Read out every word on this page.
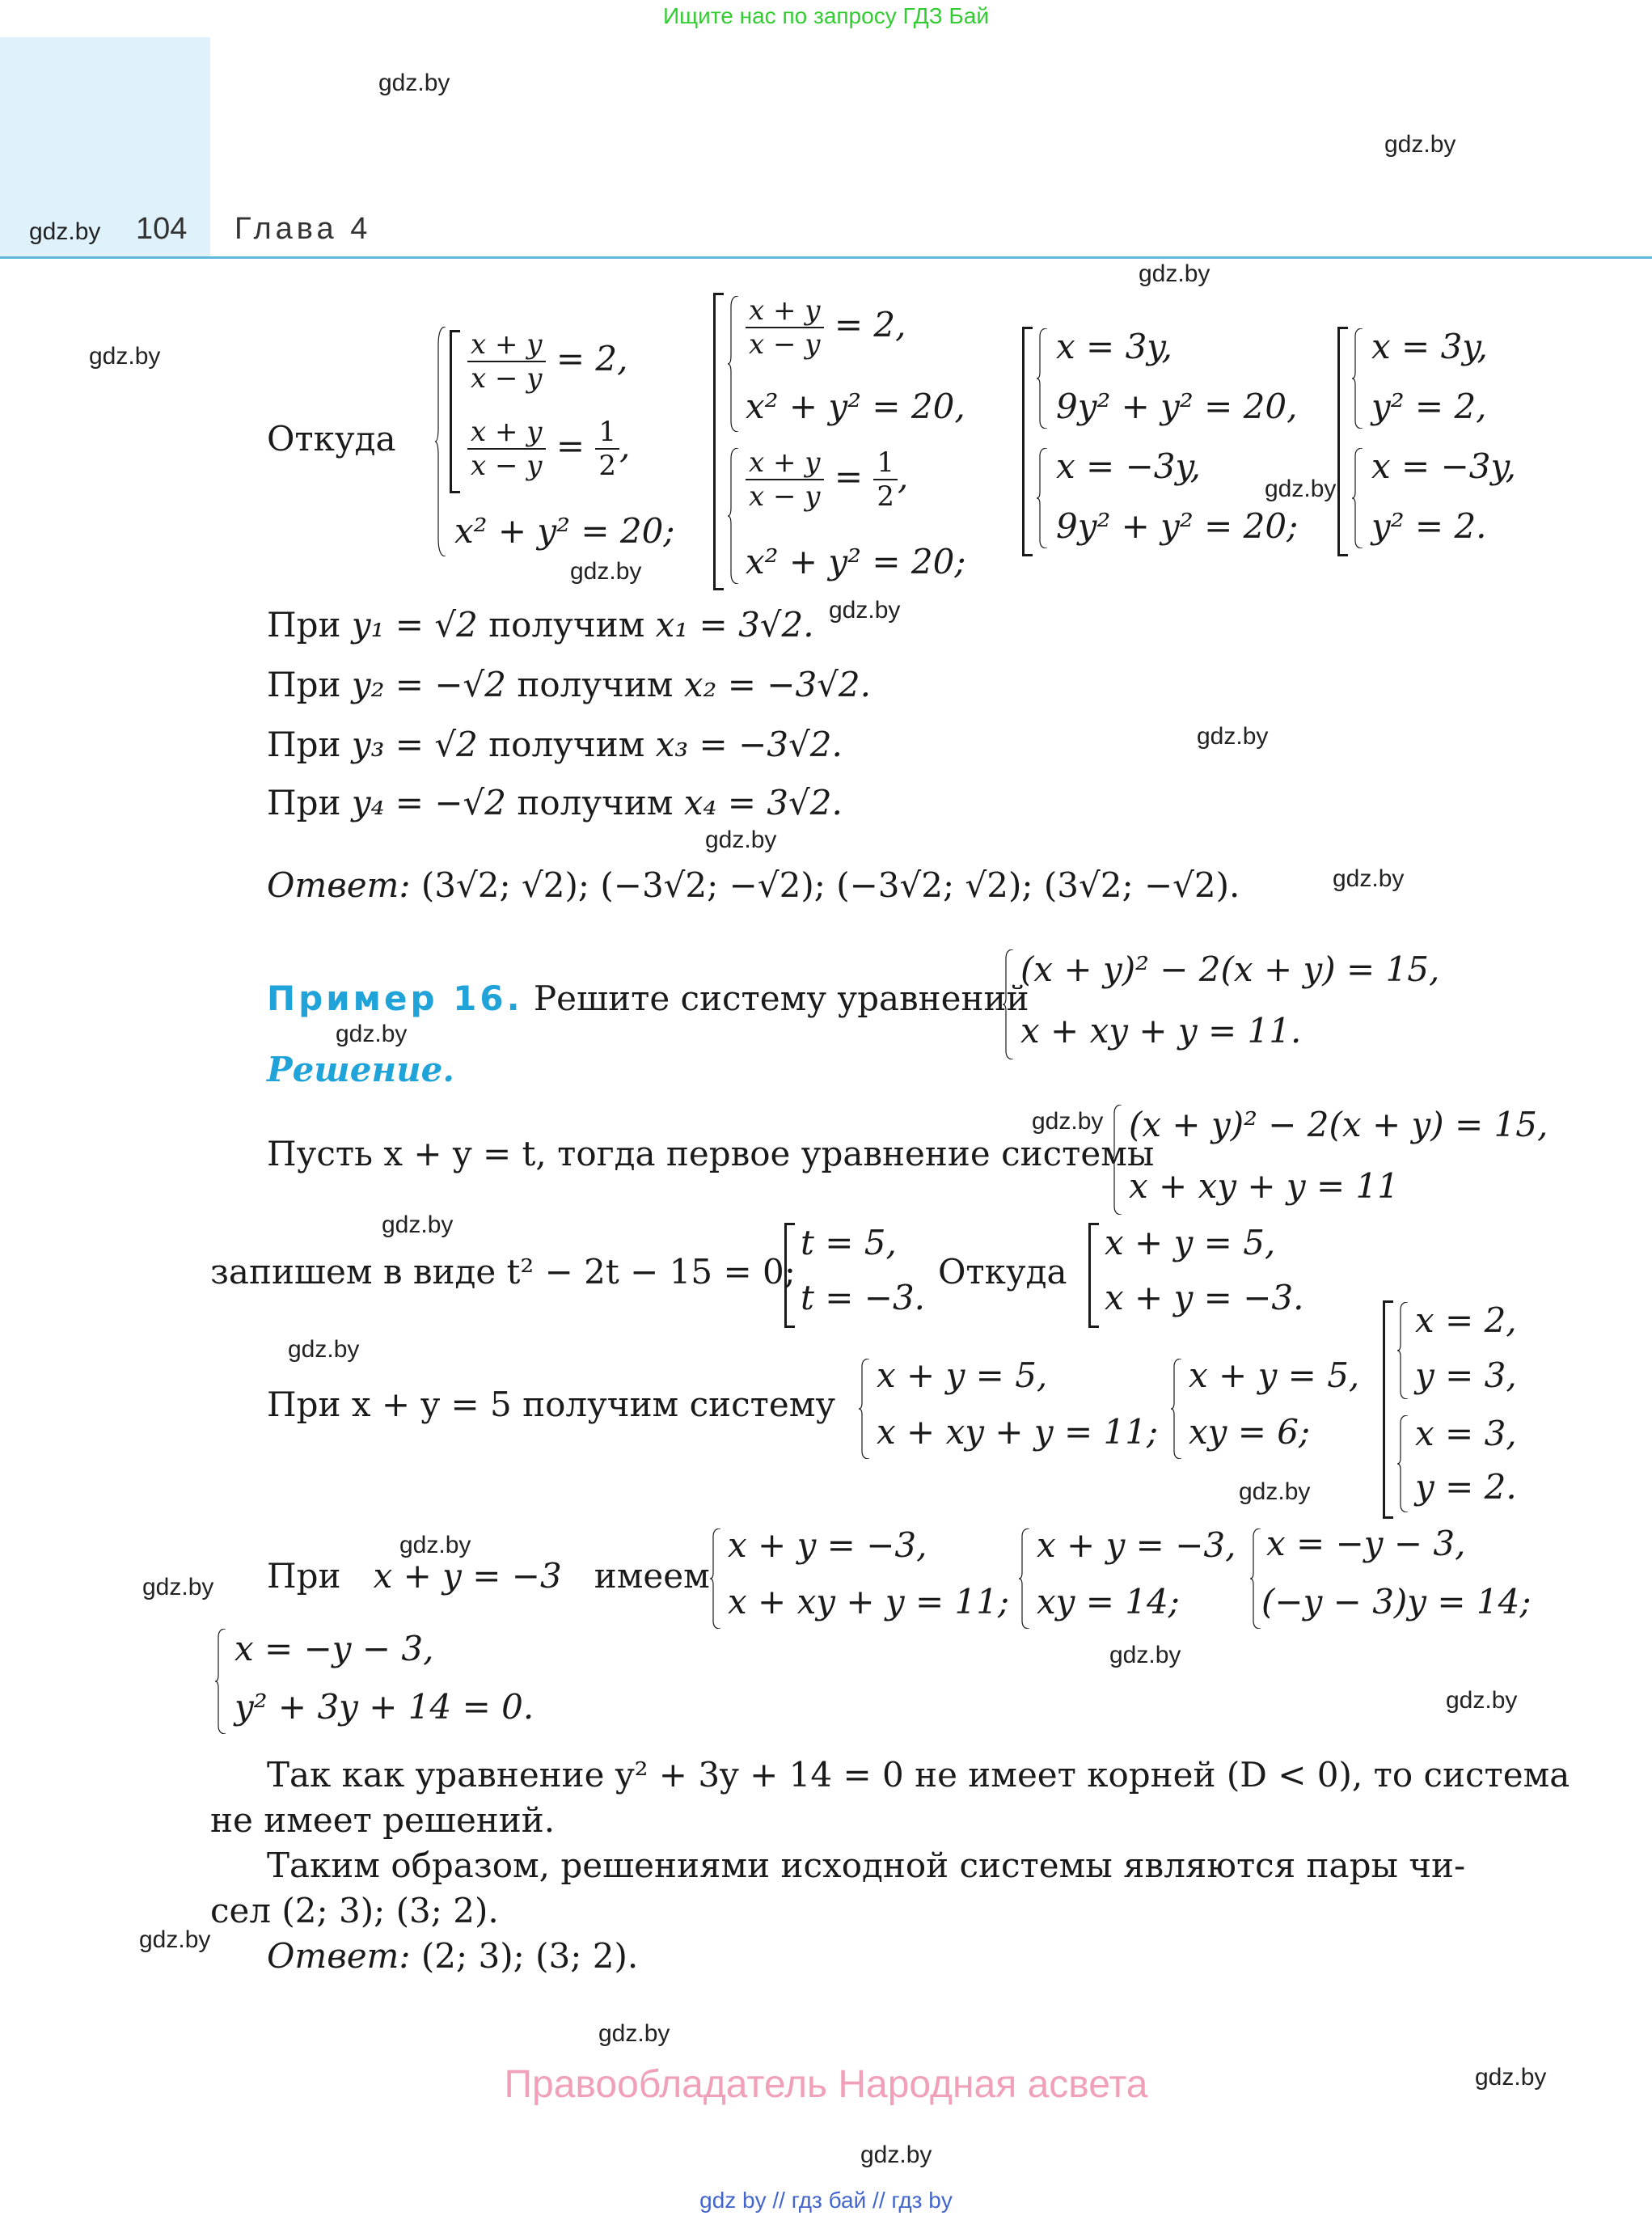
Ищите нас по запросу ГДЗ Бай
104 Глава 4
gdz.by
gdz.by
gdz.by
gdz.by
gdz.by
gdz.by
gdz.by
gdz.by
gdz.by
gdz.by
gdz.by
gdz.by
gdz.by
gdz.by
gdz.by
gdz.by
gdz.by
gdz.by
gdz.by
gdz.by
gdz.by
gdz.by
gdz.by
gdz.by
Откуда
$\frac{x + y}{x - y} = 2$,
$\frac{x + y}{x - y} = \frac{1}{2}$ ,
x² + y² = 20;
$\frac{x + y}{x - y} = 2$,
x² + y² = 20,
$\frac{x + y}{x - y} = \frac{1}{2}$ ,
x² + y² = 20;
x = 3y,
9y² + y² = 20,
x = −3y,
9y² + y² = 20;
x = 3y,
y² = 2,
x = −3y,
y² = 2.
При y₁ = √2 получим x₁ = 3√2.
При y₂ = −√2 получим x₂ = −3√2.
При y₃ = √2 получим x₃ = −3√2.
При y₄ = −√2 получим x₄ = 3√2.
Ответ: (3√2; √2); (−3√2; −√2); (−3√2; √2); (3√2; −√2).
Пример 16. Решите систему уравнений
(x + y)² − 2(x + y) = 15,
x + xy + y = 11.
Решение.
Пусть x + y = t, тогда первое уравнение системы
(x + y)² − 2(x + y) = 15,
x + xy + y = 11
запишем в виде t² − 2t − 15 = 0;
t = 5,
t = −3.
Откуда
x + y = 5,
x + y = −3.
При x + y = 5 получим систему
x + y = 5,
x + xy + y = 11;
x + y = 5,
xy = 6;
x = 2,
y = 3,
x = 3,
y = 2.
При x + y = −3 имеем
x + y = −3,
x + xy + y = 11;
x + y = −3,
xy = 14;
x = −y − 3,
(−y − 3)y = 14;
x = −y − 3,
y² + 3y + 14 = 0.
Так как уравнение y² + 3y + 14 = 0 не имеет корней (D < 0), то система
не имеет решений.
Таким образом, решениями исходной системы являются пары чи-
сел (2; 3); (3; 2).
Ответ: (2; 3); (3; 2).
Правообладатель Народная асвета
gdz by // гдз бай // гдз by
